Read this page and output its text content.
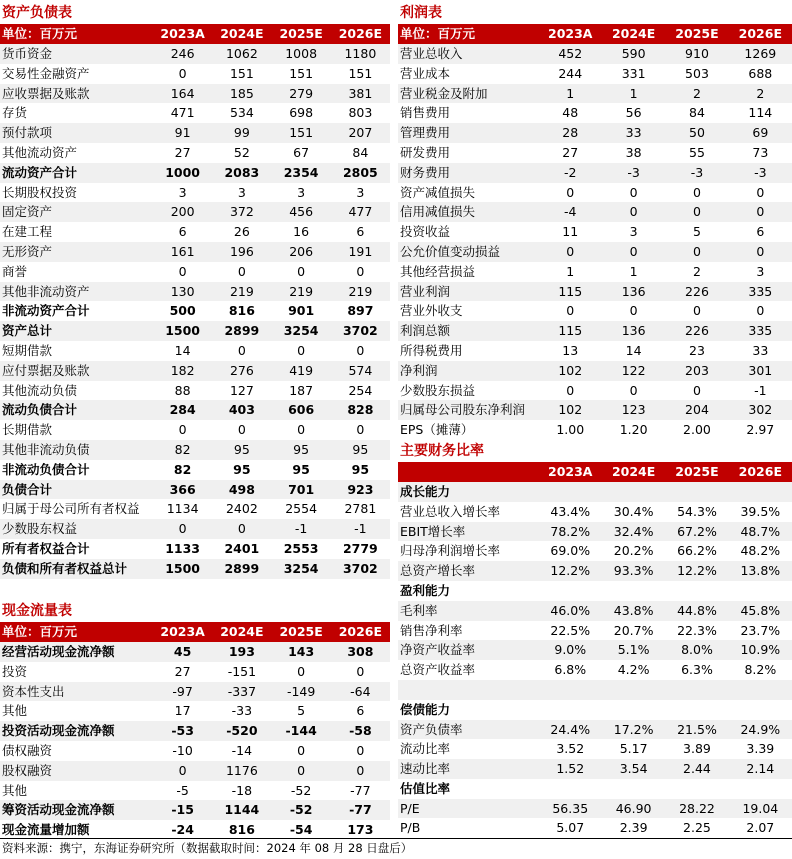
资产负债表
单位：百万元	2023A	2024E	2025E	2026E
货币资金	246	1062	1008	1180
交易性金融资产	0	151	151	151
应收票据及账款	164	185	279	381
存货	471	534	698	803
预付款项	91	99	151	207
其他流动资产	27	52	67	84
流动资产合计	1000	2083	2354	2805
长期股权投资	3	3	3	3
固定资产	200	372	456	477
在建工程	6	26	16	6
无形资产	161	196	206	191
商誉	0	0	0	0
其他非流动资产	130	219	219	219
非流动资产合计	500	816	901	897
资产总计	1500	2899	3254	3702
短期借款	14	0	0	0
应付票据及账款	182	276	419	574
其他流动负债	88	127	187	254
流动负债合计	284	403	606	828
长期借款	0	0	0	0
其他非流动负债	82	95	95	95
非流动负债合计	82	95	95	95
负债合计	366	498	701	923
归属于母公司所有者权益	1134	2402	2554	2781
少数股东权益	0	0	-1	-1
所有者权益合计	1133	2401	2553	2779
负债和所有者权益总计	1500	2899	3254	3702
现金流量表
单位：百万元	2023A	2024E	2025E	2026E
经营活动现金流净额	45	193	143	308
投资	27	-151	0	0
资本性支出	-97	-337	-149	-64
其他	17	-33	5	6
投资活动现金流净额	-53	-520	-144	-58
债权融资	-10	-14	0	0
股权融资	0	1176	0	0
其他	-5	-18	-52	-77
筹资活动现金流净额	-15	1144	-52	-77
现金流量增加额	-24	816	-54	173
利润表
单位：百万元	2023A	2024E	2025E	2026E
营业总收入	452	590	910	1269
营业成本	244	331	503	688
营业税金及附加	1	1	2	2
销售费用	48	56	84	114
管理费用	28	33	50	69
研发费用	27	38	55	73
财务费用	-2	-3	-3	-3
资产减值损失	0	0	0	0
信用减值损失	-4	0	0	0
投资收益	11	3	5	6
公允价值变动损益	0	0	0	0
其他经营损益	1	1	2	3
营业利润	115	136	226	335
营业外收支	0	0	0	0
利润总额	115	136	226	335
所得税费用	13	14	23	33
净利润	102	122	203	301
少数股东损益	0	0	0	-1
归属母公司股东净利润	102	123	204	302
EPS（摊薄）	1.00	1.20	2.00	2.97
主要财务比率
2023A	2024E	2025E	2026E
成长能力
营业总收入增长率	43.4%	30.4%	54.3%	39.5%
EBIT增长率	78.2%	32.4%	67.2%	48.7%
归母净利润增长率	69.0%	20.2%	66.2%	48.2%
总资产增长率	12.2%	93.3%	12.2%	13.8%
盈利能力
毛利率	46.0%	43.8%	44.8%	45.8%
销售净利率	22.5%	20.7%	22.3%	23.7%
净资产收益率	9.0%	5.1%	8.0%	10.9%
总资产收益率	6.8%	4.2%	6.3%	8.2%
偿债能力
资产负债率	24.4%	17.2%	21.5%	24.9%
流动比率	3.52	5.17	3.89	3.39
速动比率	1.52	3.54	2.44	2.14
估值比率
P/E	56.35	46.90	28.22	19.04
P/B	5.07	2.39	2.25	2.07
资料来源：携宁，东海证券研究所（数据截取时间：2024 年 08 月 28 日盘后）
